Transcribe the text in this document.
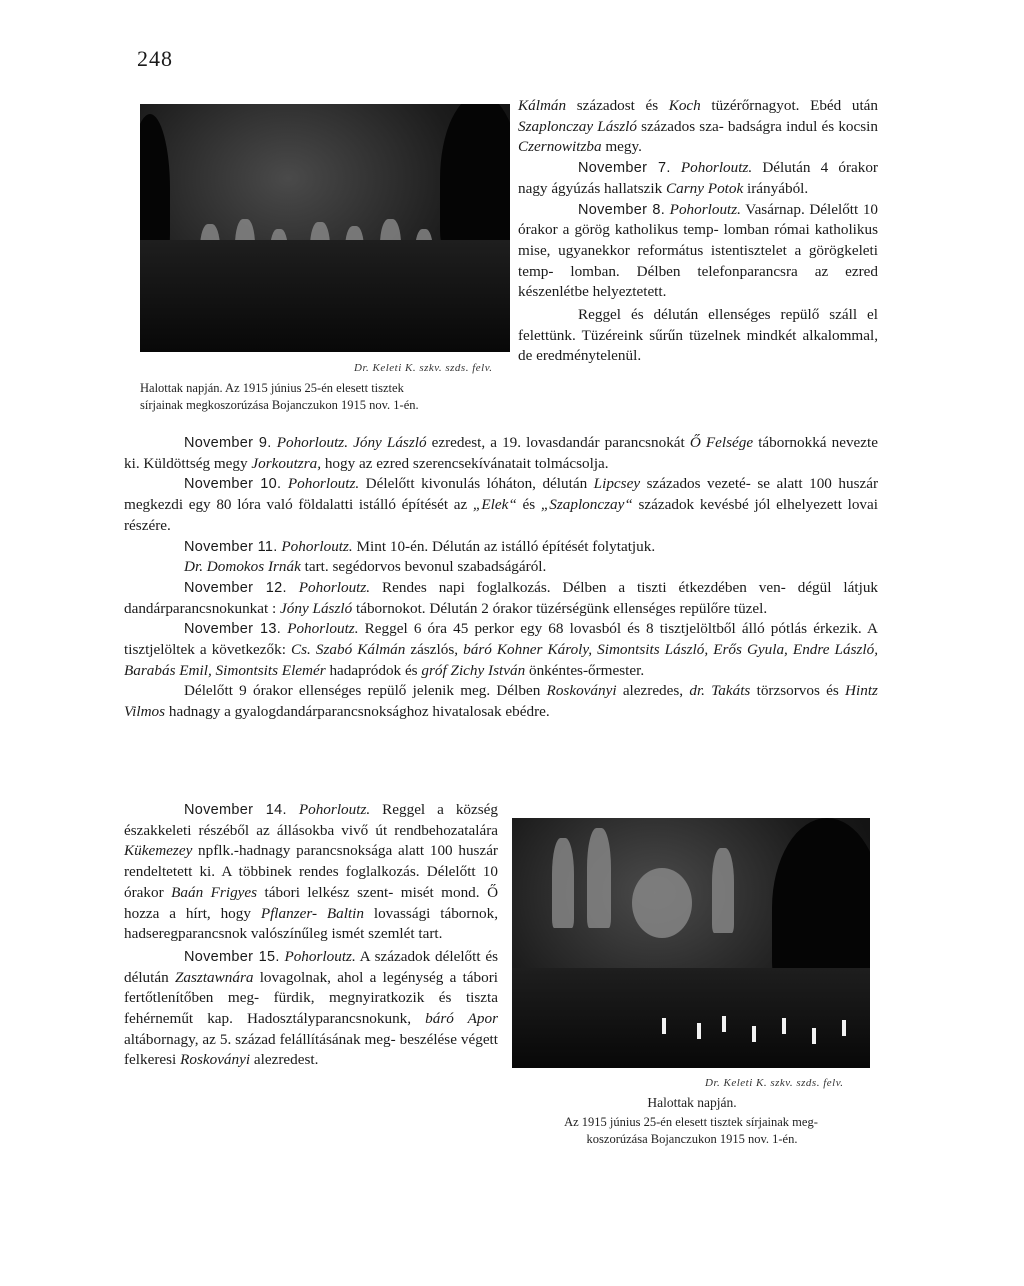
248
Dr. Keleti K. szkv. szds. felv.
Halottak napján. Az 1915 június 25-én elesett tisztek
sírjainak megkoszorúzása Bojanczukon 1915 nov. 1-én.

Kálmán századost és Koch tüzérőrnagyot. Ebéd után Szaplonczay László százados sza- badságra indul és kocsin Czernowitzba megy.

November 7. Pohorloutz. Délután 4 órakor nagy ágyúzás hallatszik Carny Potok irányából.

November 8. Pohorloutz. Vasárnap. Délelőtt 10 órakor a görög katholikus temp- lomban római katholikus mise, ugyanekkor református istentisztelet a görögkeleti temp- lomban. Délben telefonparancsra az ezred készenlétbe helyeztetett.

Reggel és délután ellenséges repülő száll el felettünk. Tüzéreink sűrűn tüzelnek mindkét alkalommal, de eredménytelenül.

November 9. Pohorloutz. Jóny László ezredest, a 19. lovasdandár parancsnokát Ő Felsége tábornokká nevezte ki. Küldöttség megy Jorkoutzra, hogy az ezred szerencsekívánatait tolmácsolja.

November 10. Pohorloutz. Délelőtt kivonulás lóháton, délután Lipcsey százados vezeté- se alatt 100 huszár megkezdi egy 80 lóra való földalatti istálló építését az „Elek“ és „Szaplonczay“ századok kevésbé jól elhelyezett lovai részére.

November 11. Pohorloutz. Mint 10-én. Délután az istálló építését folytatjuk.

Dr. Domokos Irnák tart. segédorvos bevonul szabadságáról.

November 12. Pohorloutz. Rendes napi foglalkozás. Délben a tiszti étkezdében ven- dégül látjuk dandárparancsnokunkat : Jóny László tábornokot. Délután 2 órakor tüzérségünk ellenséges repülőre tüzel.

November 13. Pohorloutz. Reggel 6 óra 45 perkor egy 68 lovasból és 8 tisztjelöltből álló pótlás érkezik. A tisztjelöltek a következők: Cs. Szabó Kálmán zászlós, báró Kohner Károly, Simontsits László, Erős Gyula, Endre László, Barabás Emil, Simontsits Elemér hadapródok és gróf Zichy István önkéntes-őrmester.

Délelőtt 9 órakor ellenséges repülő jelenik meg. Délben Roskoványi alezredes, dr. Takáts törzsorvos és Hintz Vilmos hadnagy a gyalogdandárparancsnoksághoz hivatalosak ebédre.

November 14. Pohorloutz. Reggel a község északkeleti részéből az állásokba vivő út rendbehozatalára Kükemezey npflk.-hadnagy parancsnoksága alatt 100 huszár rendeltetett ki. A többinek rendes foglalkozás. Délelőtt 10 órakor Baán Frigyes tábori lelkész szent- misét mond. Ő hozza a hírt, hogy Pflanzer- Baltin lovassági tábornok, hadseregparancsnok valószínűleg ismét szemlét tart.

November 15. Pohorloutz. A századok délelőtt és délután Zasztawnára lovagolnak, ahol a legénység a tábori fertőtlenítőben meg- fürdik, megnyiratkozik és tiszta fehérneműt kap. Hadosztályparancsnokunk, báró Apor altábornagy, az 5. század felállításának meg- beszélése végett felkeresi Roskoványi alezredest.

Dr. Keleti K. szkv. szds. felv.
Halottak napján.
Az 1915 június 25-én elesett tisztek sírjainak meg-
koszorúzása Bojanczukon 1915 nov. 1-én.
